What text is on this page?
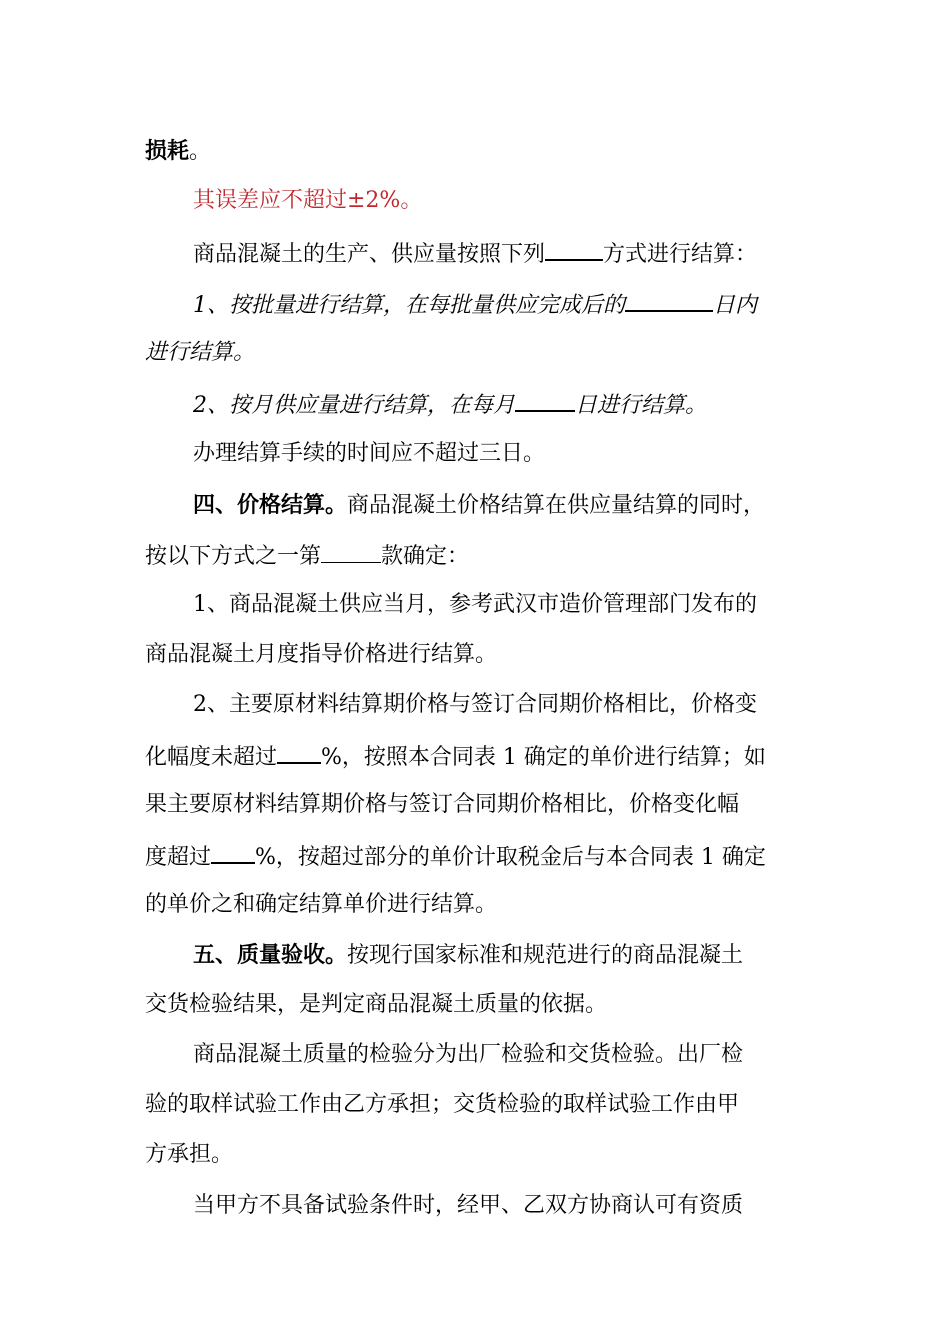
损耗。
其误差应不超过±2%。
商品混凝土的生产、供应量按照下列	方式进行结算：
1、按批量进行结算，在每批量供应完成后的	日内
进行结算。
2、按月供应量进行结算，在每月	日进行结算。
办理结算手续的时间应不超过三日。
四、价格结算。商品混凝土价格结算在供应量结算的同时，
按以下方式之一第	款确定：
1、商品混凝土供应当月，参考武汉市造价管理部门发布的
商品混凝土月度指导价格进行结算。
2、主要原材料结算期价格与签订合同期价格相比，价格变
化幅度未超过 %，按照本合同表 1 确定的单价进行结算；如
果主要原材料结算期价格与签订合同期价格相比，价格变化幅
度超过 %，按超过部分的单价计取税金后与本合同表 1 确定
的单价之和确定结算单价进行结算。
五、质量验收。按现行国家标准和规范进行的商品混凝土
交货检验结果，是判定商品混凝土质量的依据。
商品混凝土质量的检验分为出厂检验和交货检验。出厂检
验的取样试验工作由乙方承担；交货检验的取样试验工作由甲
方承担。
当甲方不具备试验条件时，经甲、乙双方协商认可有资质
